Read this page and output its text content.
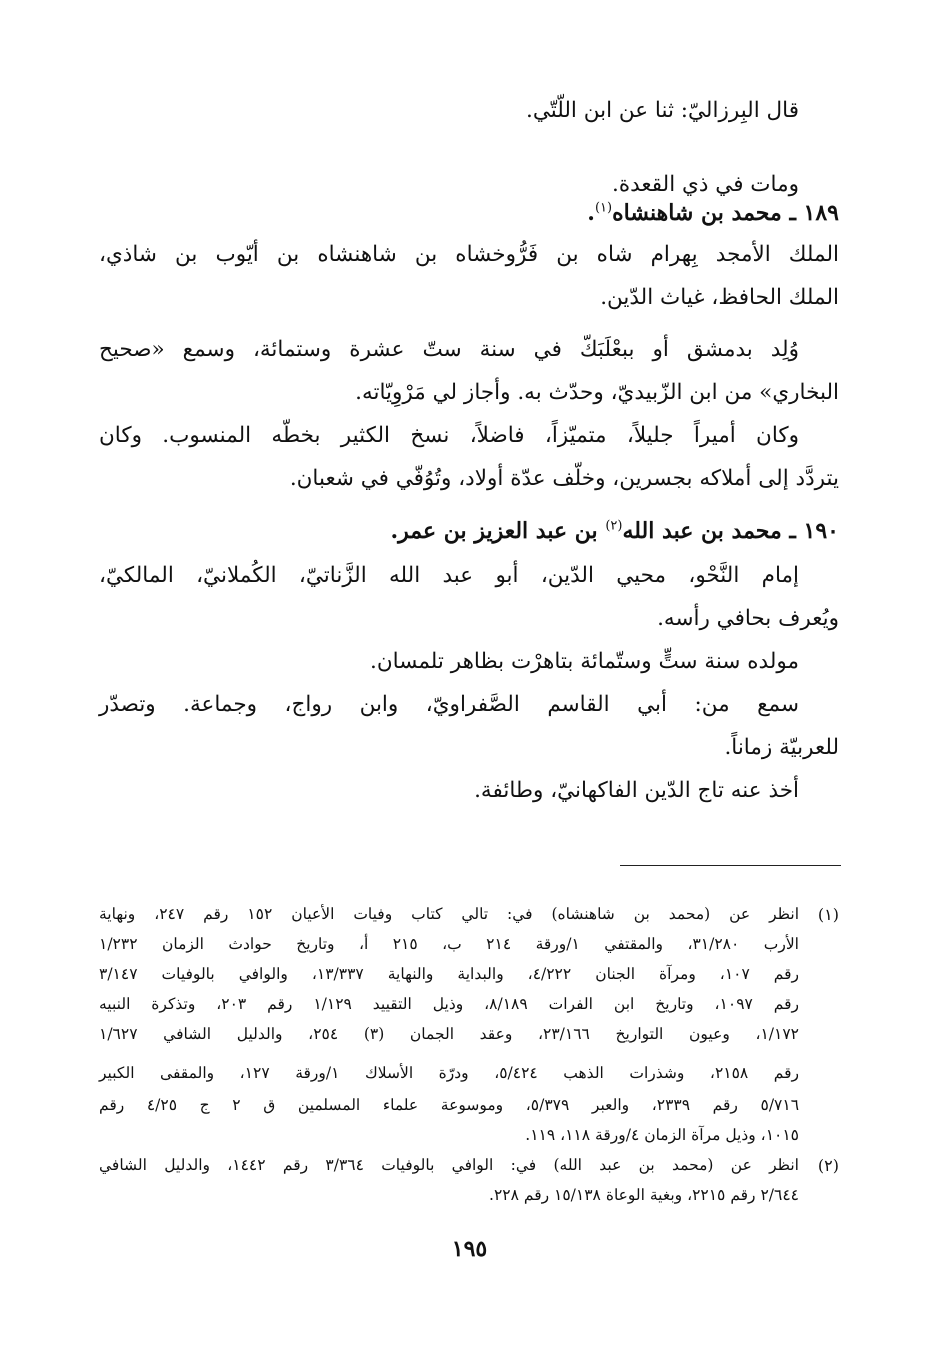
قال البِرزاليّ: ثنا عن ابن اللّتّي.
ومات في ذي القعدة.
١٨٩ ـ محمد بن شاهنشاه$^{(١)}$.
الملك الأمجد بِهرام شاه بن فَرُّوخشاه بن شاهنشاه بن أيّوب بن شاذي،
الملك الحافظ، غياث الدّين.
وُلِد بدمشق أو ببعْلَبَكّ في سنة ستّ عشرة وستمائة، وسمع «صحيح
البخاري» من ابن الزّبيديّ، وحدّث به. وأجاز لي مَرْوِيّاته.
وكان أميراً جليلاً، متميّزاً، فاضلاً، نسخ الكثير بخطّه المنسوب. وكان
يتردَّد إلى أملاكه بجسرين، وخلّف عدّة أولاد، وتُوُفّي في شعبان.
١٩٠ ـ محمد بن عبد الله$^{(٢)}$ بن عبد العزيز بن عمر.
إمام النَّحْو، محيي الدّين، أبو عبد الله الزَّناتيّ، الكُملانيّ، المالكيّ،
ويُعرف بحافي رأسه.
مولده سنة ستٍّ وستّمائة بتاهرْت بظاهر تلمسان.
سمع من: أبي القاسم الصَّفراويّ، وابن رواج، وجماعة. وتصدّر
للعربيّة زماناً.
أخذ عنه تاج الدّين الفاكهانيّ، وطائفة.
(١)
انظر عن (محمد بن شاهنشاه) في: تالي كتاب وفيات الأعيان ١٥٢ رقم ٢٤٧، ونهاية
الأرب ٣١/٢٨٠، والمقتفي ١/ورقة ٢١٤ ب، ٢١٥ أ، وتاريخ حوادث الزمان ١/٢٣٢
رقم ١٠٧، ومرآة الجنان ٤/٢٢٢، والبداية والنهاية ١٣/٣٣٧، والوافي بالوفيات ٣/١٤٧
رقم ١٠٩٧، وتاريخ ابن الفرات ٨/١٨٩، وذيل التقييد ١/١٢٩ رقم ٢٠٣، وتذكرة النبيه
١/١٧٢، وعيون التواريخ ٢٣/١٦٦، وعقد الجمان (٣) ٢٥٤، والدليل الشافي ١/٦٢٧
رقم ٢١٥٨، وشذرات الذهب ٥/٤٢٤، ودرّة الأسلاك ١/ورقة ١٢٧، والمقفى الكبير
٥/٧١٦ رقم ٢٣٣٩، والعبر ٥/٣٧٩، وموسوعة علماء المسلمين ق ٢ ج ٤/٢٥ رقم
١٠١٥، وذيل مرآة الزمان ٤/ورقة ١١٨، ١١٩.
(٢)
انظر عن (محمد بن عبد الله) في: الوافي بالوفيات ٣/٣٦٤ رقم ١٤٤٢، والدليل الشافي
٢/٦٤٤ رقم ٢٢١٥، وبغية الوعاة ١٥/١٣٨ رقم ٢٢٨.
١٩٥
